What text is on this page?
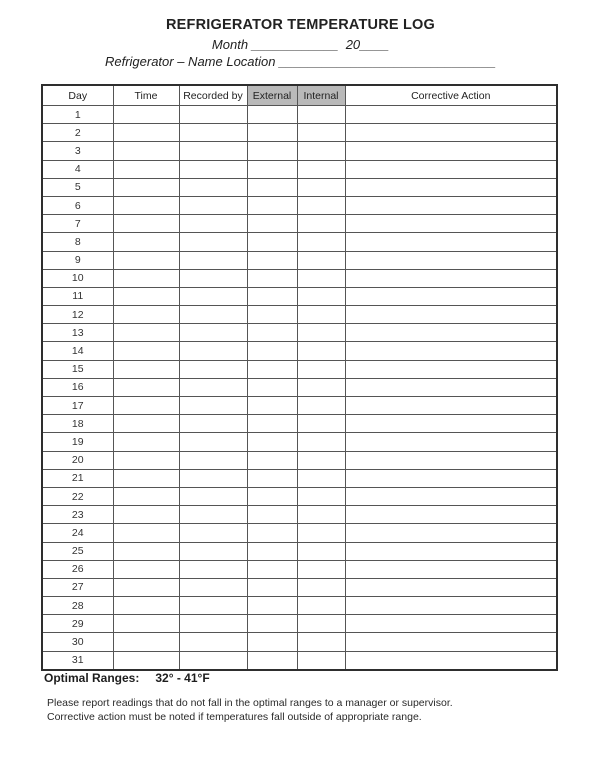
REFRIGERATOR TEMPERATURE LOG
Month ____________ 20____
Refrigerator – Name Location ______________________________
Day	Time	Recorded by	External	Internal	Corrective Action
1					
2					
3					
4					
5					
6					
7					
8					
9					
10					
11					
12					
13					
14					
15					
16					
17					
18					
19					
20					
21					
22					
23					
24					
25					
26					
27					
28					
29					
30					
31					
Optimal Ranges: 32° - 41°F
Please report readings that do not fall in the optimal ranges to a manager or supervisor.
Corrective action must be noted if temperatures fall outside of appropriate range.
